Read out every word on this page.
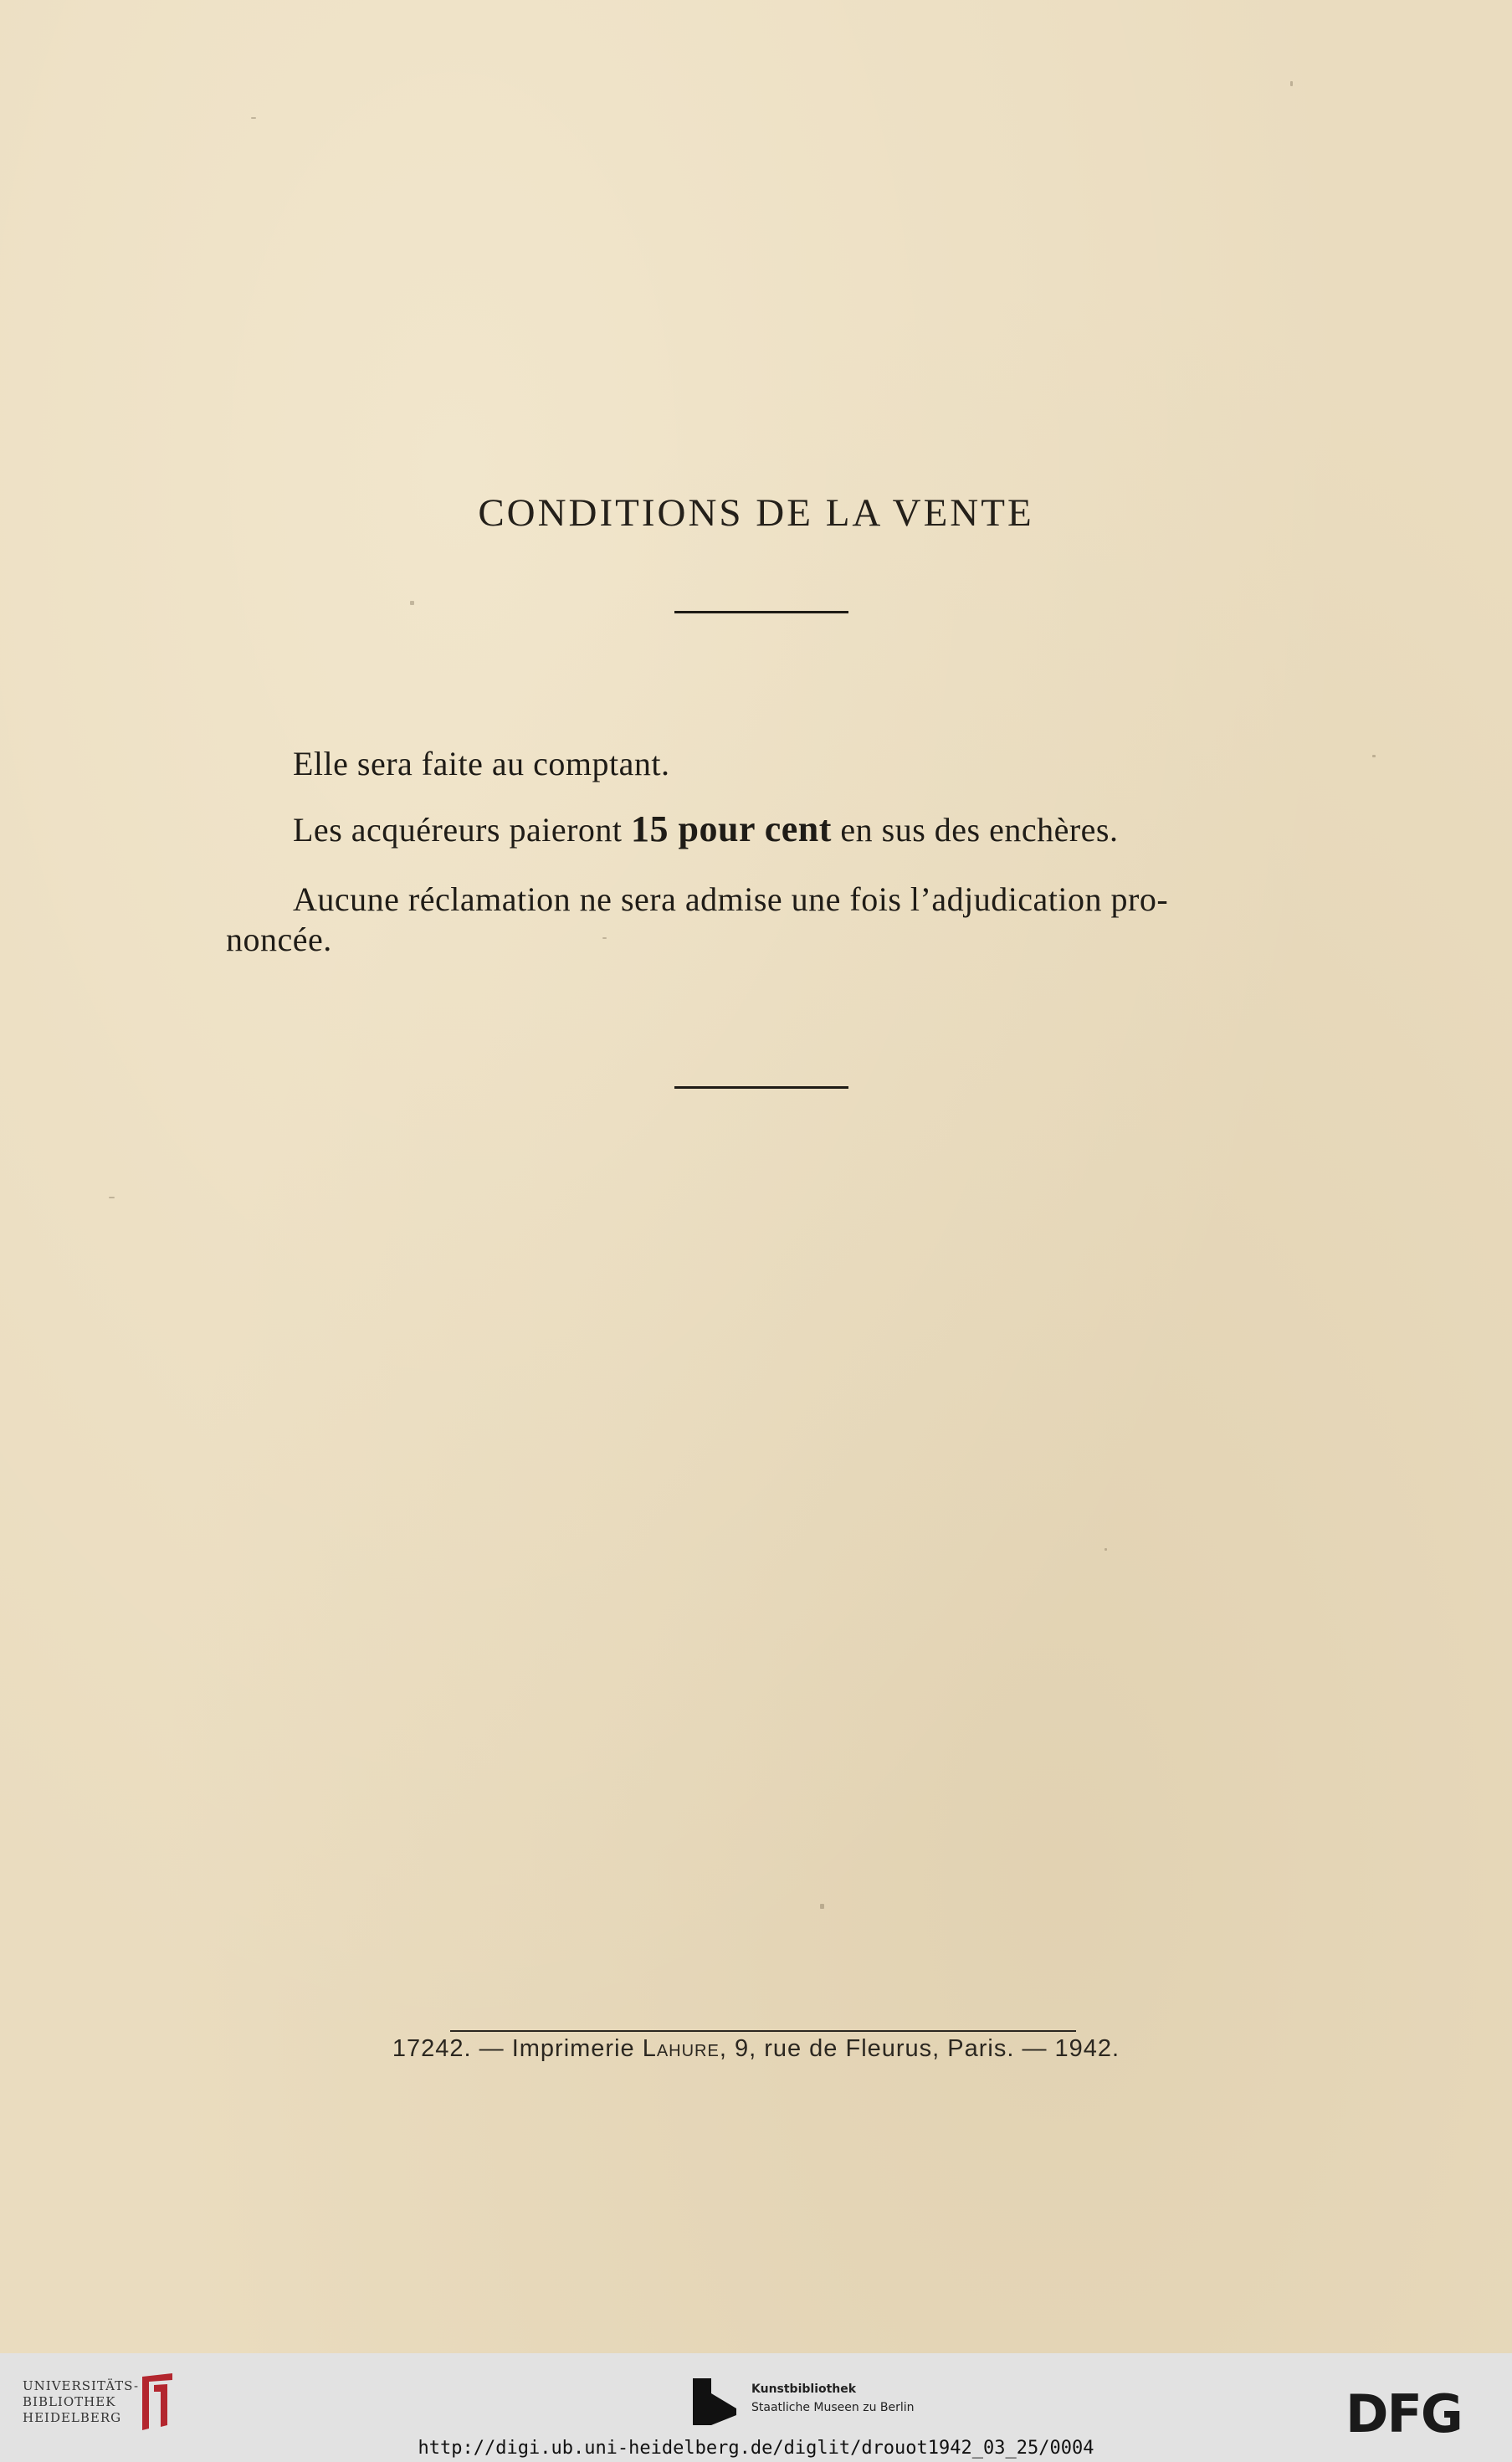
CONDITIONS DE LA VENTE
Elle sera faite au comptant.
Les acquéreurs paieront 15 pour cent en sus des enchères.
Aucune réclamation ne sera admise une fois l’adjudication pro-
noncée.
17242. — Imprimerie Lahure, 9, rue de Fleurus, Paris. — 1942.
UNIVERSITÄTS-
BIBLIOTHEK
HEIDELBERG
Kunstbibliothek
Staatliche Museen zu Berlin	DFG
http://digi.ub.uni-heidelberg.de/diglit/drouot1942_03_25/0004
